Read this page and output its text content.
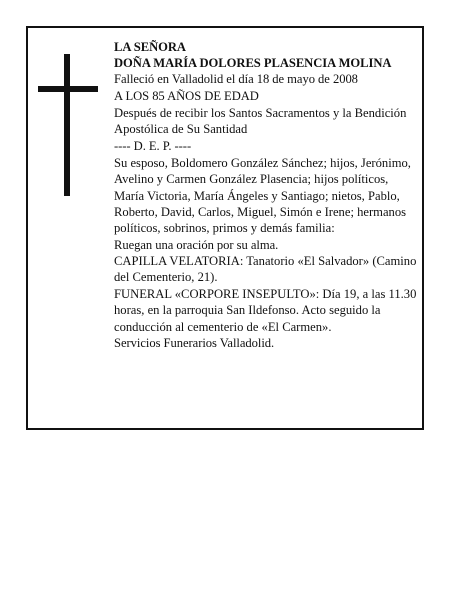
LA SEÑORA
DOÑA MARÍA DOLORES PLASENCIA MOLINA
Falleció en Valladolid el día 18 de mayo de 2008
A LOS 85 AÑOS DE EDAD
Después de recibir los Santos Sacramentos y la Bendición Apostólica de Su Santidad
---- D. E. P. ----
Su esposo, Boldomero González Sánchez; hijos, Jerónimo, Avelino y Carmen González Plasencia; hijos políticos, María Victoria, María Ángeles y Santiago; nietos, Pablo, Roberto, David, Carlos, Miguel, Simón e Irene; hermanos políticos, sobrinos, primos y demás familia:
Ruegan una oración por su alma.
CAPILLA VELATORIA: Tanatorio «El Salvador» (Camino del Cementerio, 21).
FUNERAL «CORPORE INSEPULTO»: Día 19, a las 11.30 horas, en la parroquia San Ildefonso. Acto seguido la conducción al cementerio de «El Carmen».
Servicios Funerarios Valladolid.
